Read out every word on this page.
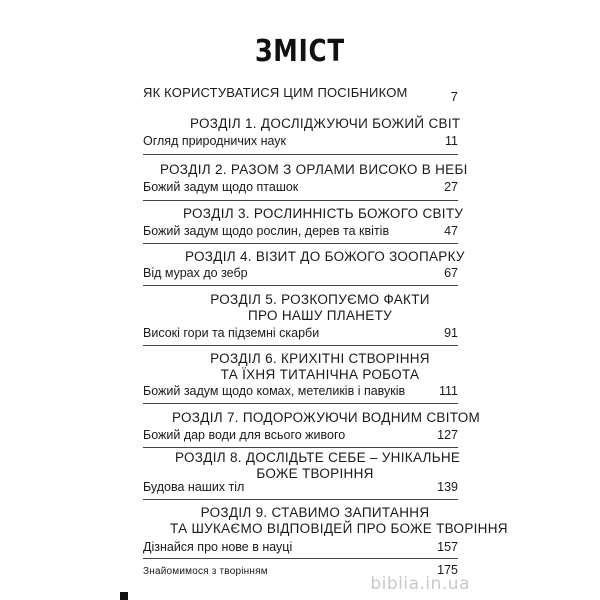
ЗМІСТ
ЯК КОРИСТУВАТИСЯ ЦИМ ПОСІБНИКОМ	7
РОЗДІЛ 1. ДОСЛІДЖУЮЧИ БОЖИЙ СВІТ
Огляд природничих наук	11
РОЗДІЛ 2. РАЗОМ З ОРЛАМИ ВИСОКО В НЕБІ
Божий задум щодо пташок	27
РОЗДІЛ 3. РОСЛИННІСТЬ БОЖОГО СВІТУ
Божий задум щодо рослин, дерев та квітів	47
РОЗДІЛ 4. ВІЗИТ ДО БОЖОГО ЗООПАРКУ
Від мурах до зебр	67
РОЗДІЛ 5. РОЗКОПУЄМО ФАКТИ
ПРО НАШУ ПЛАНЕТУ
Високі гори та підземні скарби	91
РОЗДІЛ 6. КРИХІТНІ СТВОРІННЯ
ТА ЇХНЯ ТИТАНІЧНА РОБОТА
Божий задум щодо комах, метеликів і павуків	111
РОЗДІЛ 7. ПОДОРОЖУЮЧИ ВОДНИМ СВІТОМ
Божий дар води для всього живого	127
РОЗДІЛ 8. ДОСЛІДЬТЕ СЕБЕ – УНІКАЛЬНЕ
БОЖЕ ТВОРІННЯ
Будова наших тіл	139
РОЗДІЛ 9. СТАВИМО ЗАПИТАННЯ
ТА ШУКАЄМО ВІДПОВІДЕЙ ПРО БОЖЕ ТВОРІННЯ
Дізнайся про нове в науці	157
Знайомимося з творінням	175
biblia.in.ua
